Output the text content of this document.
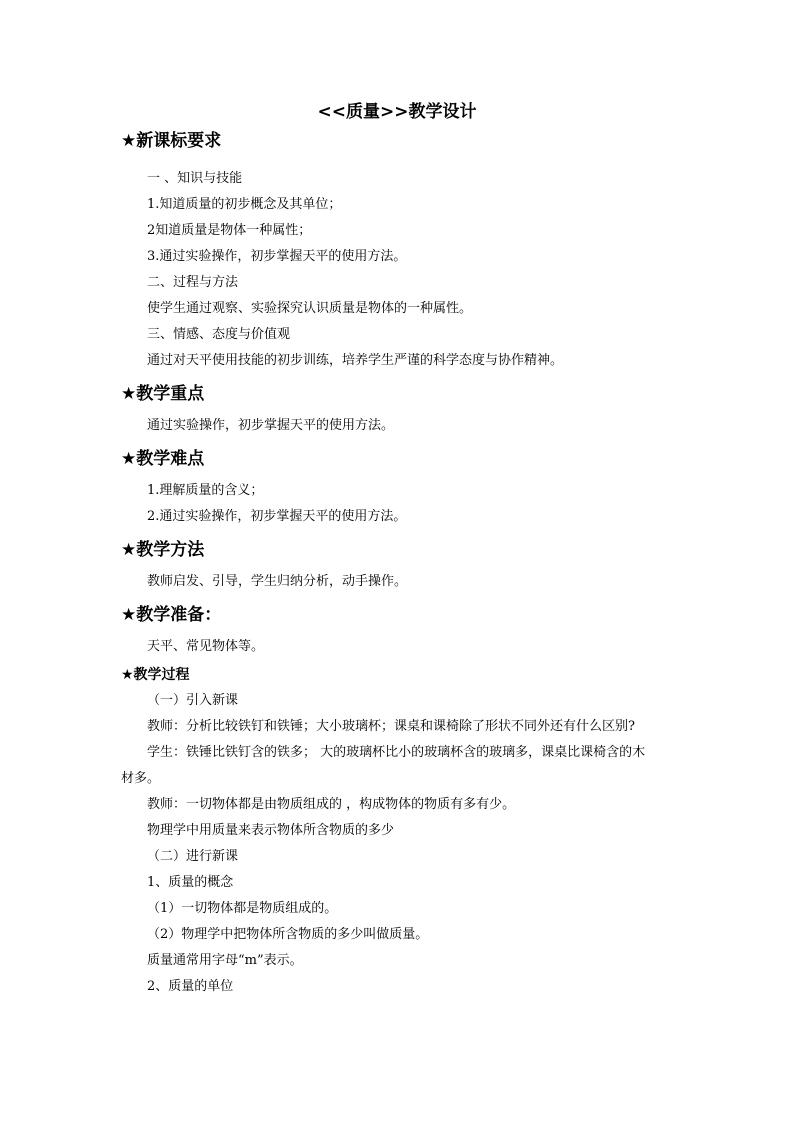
<<质量>>教学设计
★新课标要求
一 、知识与技能
1.知道质量的初步概念及其单位；
2知道质量是物体一种属性；
3.通过实验操作，初步掌握天平的使用方法。
二、过程与方法
使学生通过观察、实验探究认识质量是物体的一种属性。
三、情感、态度与价值观
通过对天平使用技能的初步训练，培养学生严谨的科学态度与协作精神。
★教学重点
通过实验操作，初步掌握天平的使用方法。
★教学难点
1.理解质量的含义；
2.通过实验操作，初步掌握天平的使用方法。
★教学方法
教师启发、引导，学生归纳分析，动手操作。
★教学准备：
天平、常见物体等。
★教学过程
（一）引入新课
教师：分析比较铁钉和铁锤；大小玻璃杯；课桌和课椅除了形状不同外还有什么区别?
学生：铁锤比铁钉含的铁多； 大的玻璃杯比小的玻璃杯含的玻璃多，课桌比课椅含的木
材多。
教师：一切物体都是由物质组成的 ，构成物体的物质有多有少。
物理学中用质量来表示物体所含物质的多少
（二）进行新课
1、质量的概念
（1）一切物体都是物质组成的。
（2）物理学中把物体所含物质的多少叫做质量。
质量通常用字母“m”表示。
2、质量的单位
